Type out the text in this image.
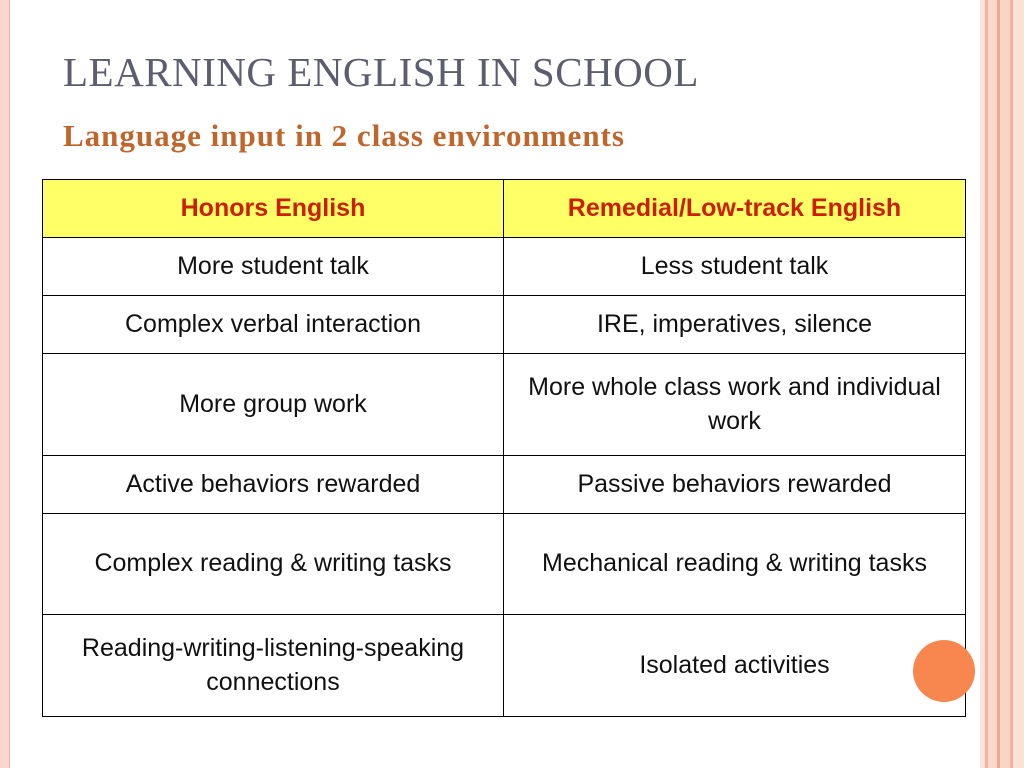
LEARNING ENGLISH IN SCHOOL
Language input in 2 class environments
Honors English	Remedial/Low-track English
More student talk	Less student talk
Complex verbal interaction	IRE, imperatives, silence
More group work	More whole class work and individual work
Active behaviors rewarded	Passive behaviors rewarded
Complex reading & writing tasks	Mechanical reading & writing tasks
Reading-writing-listening-speaking connections	Isolated activities
